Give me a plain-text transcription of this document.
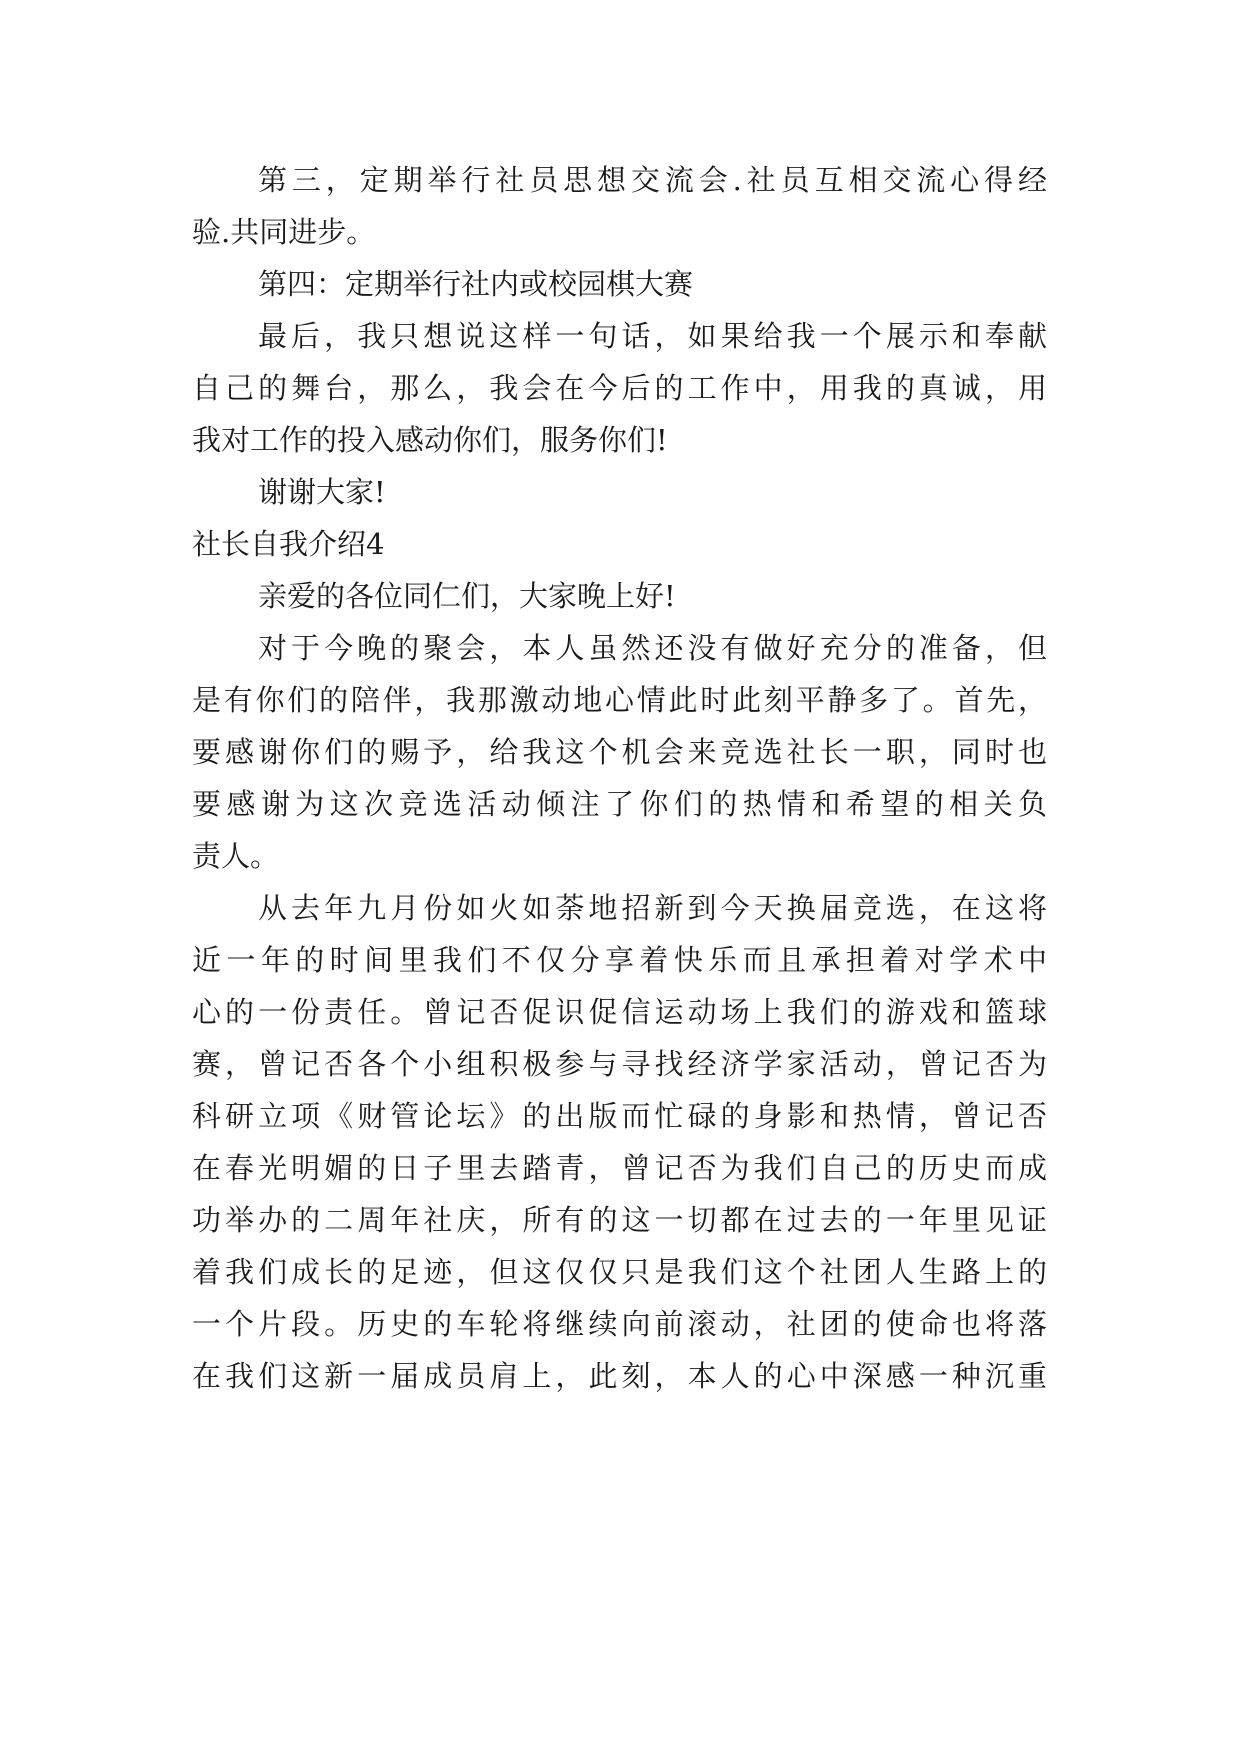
第三，定期举行社员思想交流会.社员互相交流心得经
验.共同进步。
第四：定期举行社内或校园棋大赛
最后，我只想说这样一句话，如果给我一个展示和奉献
自己的舞台，那么，我会在今后的工作中，用我的真诚，用
我对工作的投入感动你们，服务你们!
谢谢大家!
社长自我介绍4
亲爱的各位同仁们，大家晚上好!
对于今晚的聚会，本人虽然还没有做好充分的准备，但
是有你们的陪伴，我那激动地心情此时此刻平静多了。首先，
要感谢你们的赐予，给我这个机会来竞选社长一职，同时也
要感谢为这次竞选活动倾注了你们的热情和希望的相关负
责人。
从去年九月份如火如荼地招新到今天换届竞选，在这将
近一年的时间里我们不仅分享着快乐而且承担着对学术中
心的一份责任。曾记否促识促信运动场上我们的游戏和篮球
赛，曾记否各个小组积极参与寻找经济学家活动，曾记否为
科研立项《财管论坛》的出版而忙碌的身影和热情，曾记否
在春光明媚的日子里去踏青，曾记否为我们自己的历史而成
功举办的二周年社庆，所有的这一切都在过去的一年里见证
着我们成长的足迹，但这仅仅只是我们这个社团人生路上的
一个片段。历史的车轮将继续向前滚动，社团的使命也将落
在我们这新一届成员肩上，此刻，本人的心中深感一种沉重
